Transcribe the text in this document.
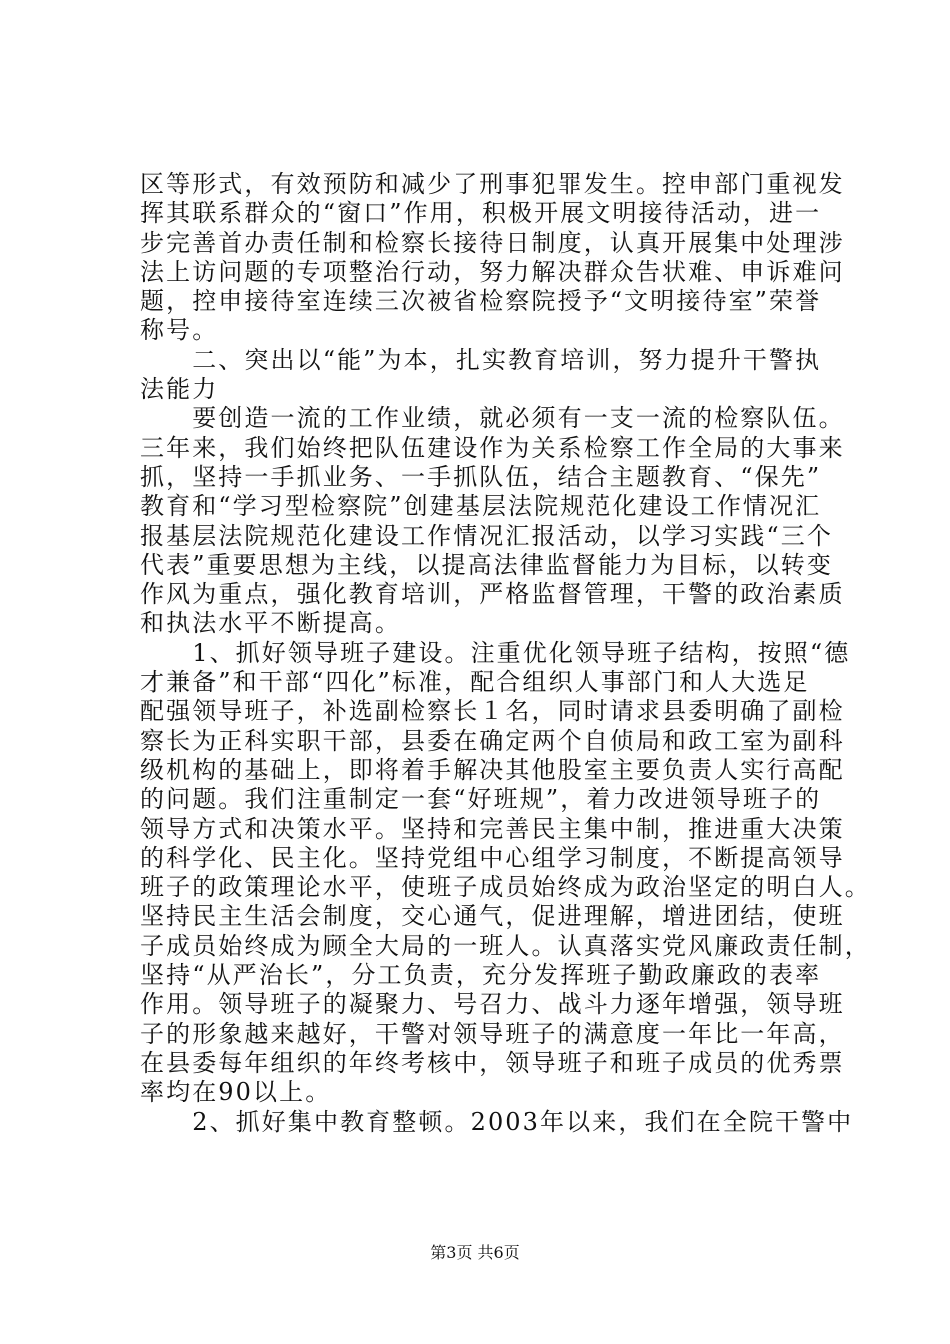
区等形式，有效预防和减少了刑事犯罪发生。控申部门重视发
挥其联系群众的“窗口”作用，积极开展文明接待活动，进一
步完善首办责任制和检察长接待日制度，认真开展集中处理涉
法上访问题的专项整治行动，努力解决群众告状难、申诉难问
题，控申接待室连续三次被省检察院授予“文明接待室”荣誉
称号。
　　二、突出以“能”为本，扎实教育培训，努力提升干警执
法能力
　　要创造一流的工作业绩，就必须有一支一流的检察队伍。
三年来，我们始终把队伍建设作为关系检察工作全局的大事来
抓，坚持一手抓业务、一手抓队伍，结合主题教育、“保先”
教育和“学习型检察院”创建基层法院规范化建设工作情况汇
报基层法院规范化建设工作情况汇报活动，以学习实践“三个
代表”重要思想为主线，以提高法律监督能力为目标，以转变
作风为重点，强化教育培训，严格监督管理，干警的政治素质
和执法水平不断提高。
　　1、抓好领导班子建设。注重优化领导班子结构，按照“德
才兼备”和干部“四化”标准，配合组织人事部门和人大选足
配强领导班子，补选副检察长１名，同时请求县委明确了副检
察长为正科实职干部，县委在确定两个自侦局和政工室为副科
级机构的基础上，即将着手解决其他股室主要负责人实行高配
的问题。我们注重制定一套“好班规”，着力改进领导班子的
领导方式和决策水平。坚持和完善民主集中制，推进重大决策
的科学化、民主化。坚持党组中心组学习制度，不断提高领导
班子的政策理论水平，使班子成员始终成为政治坚定的明白人。
坚持民主生活会制度，交心通气，促进理解，增进团结，使班
子成员始终成为顾全大局的一班人。认真落实党风廉政责任制，
坚持“从严治长”，分工负责，充分发挥班子勤政廉政的表率
作用。领导班子的凝聚力、号召力、战斗力逐年增强，领导班
子的形象越来越好，干警对领导班子的满意度一年比一年高，
在县委每年组织的年终考核中，领导班子和班子成员的优秀票
率均在90以上。
　　2、抓好集中教育整顿。2003年以来，我们在全院干警中
第3页 共6页
